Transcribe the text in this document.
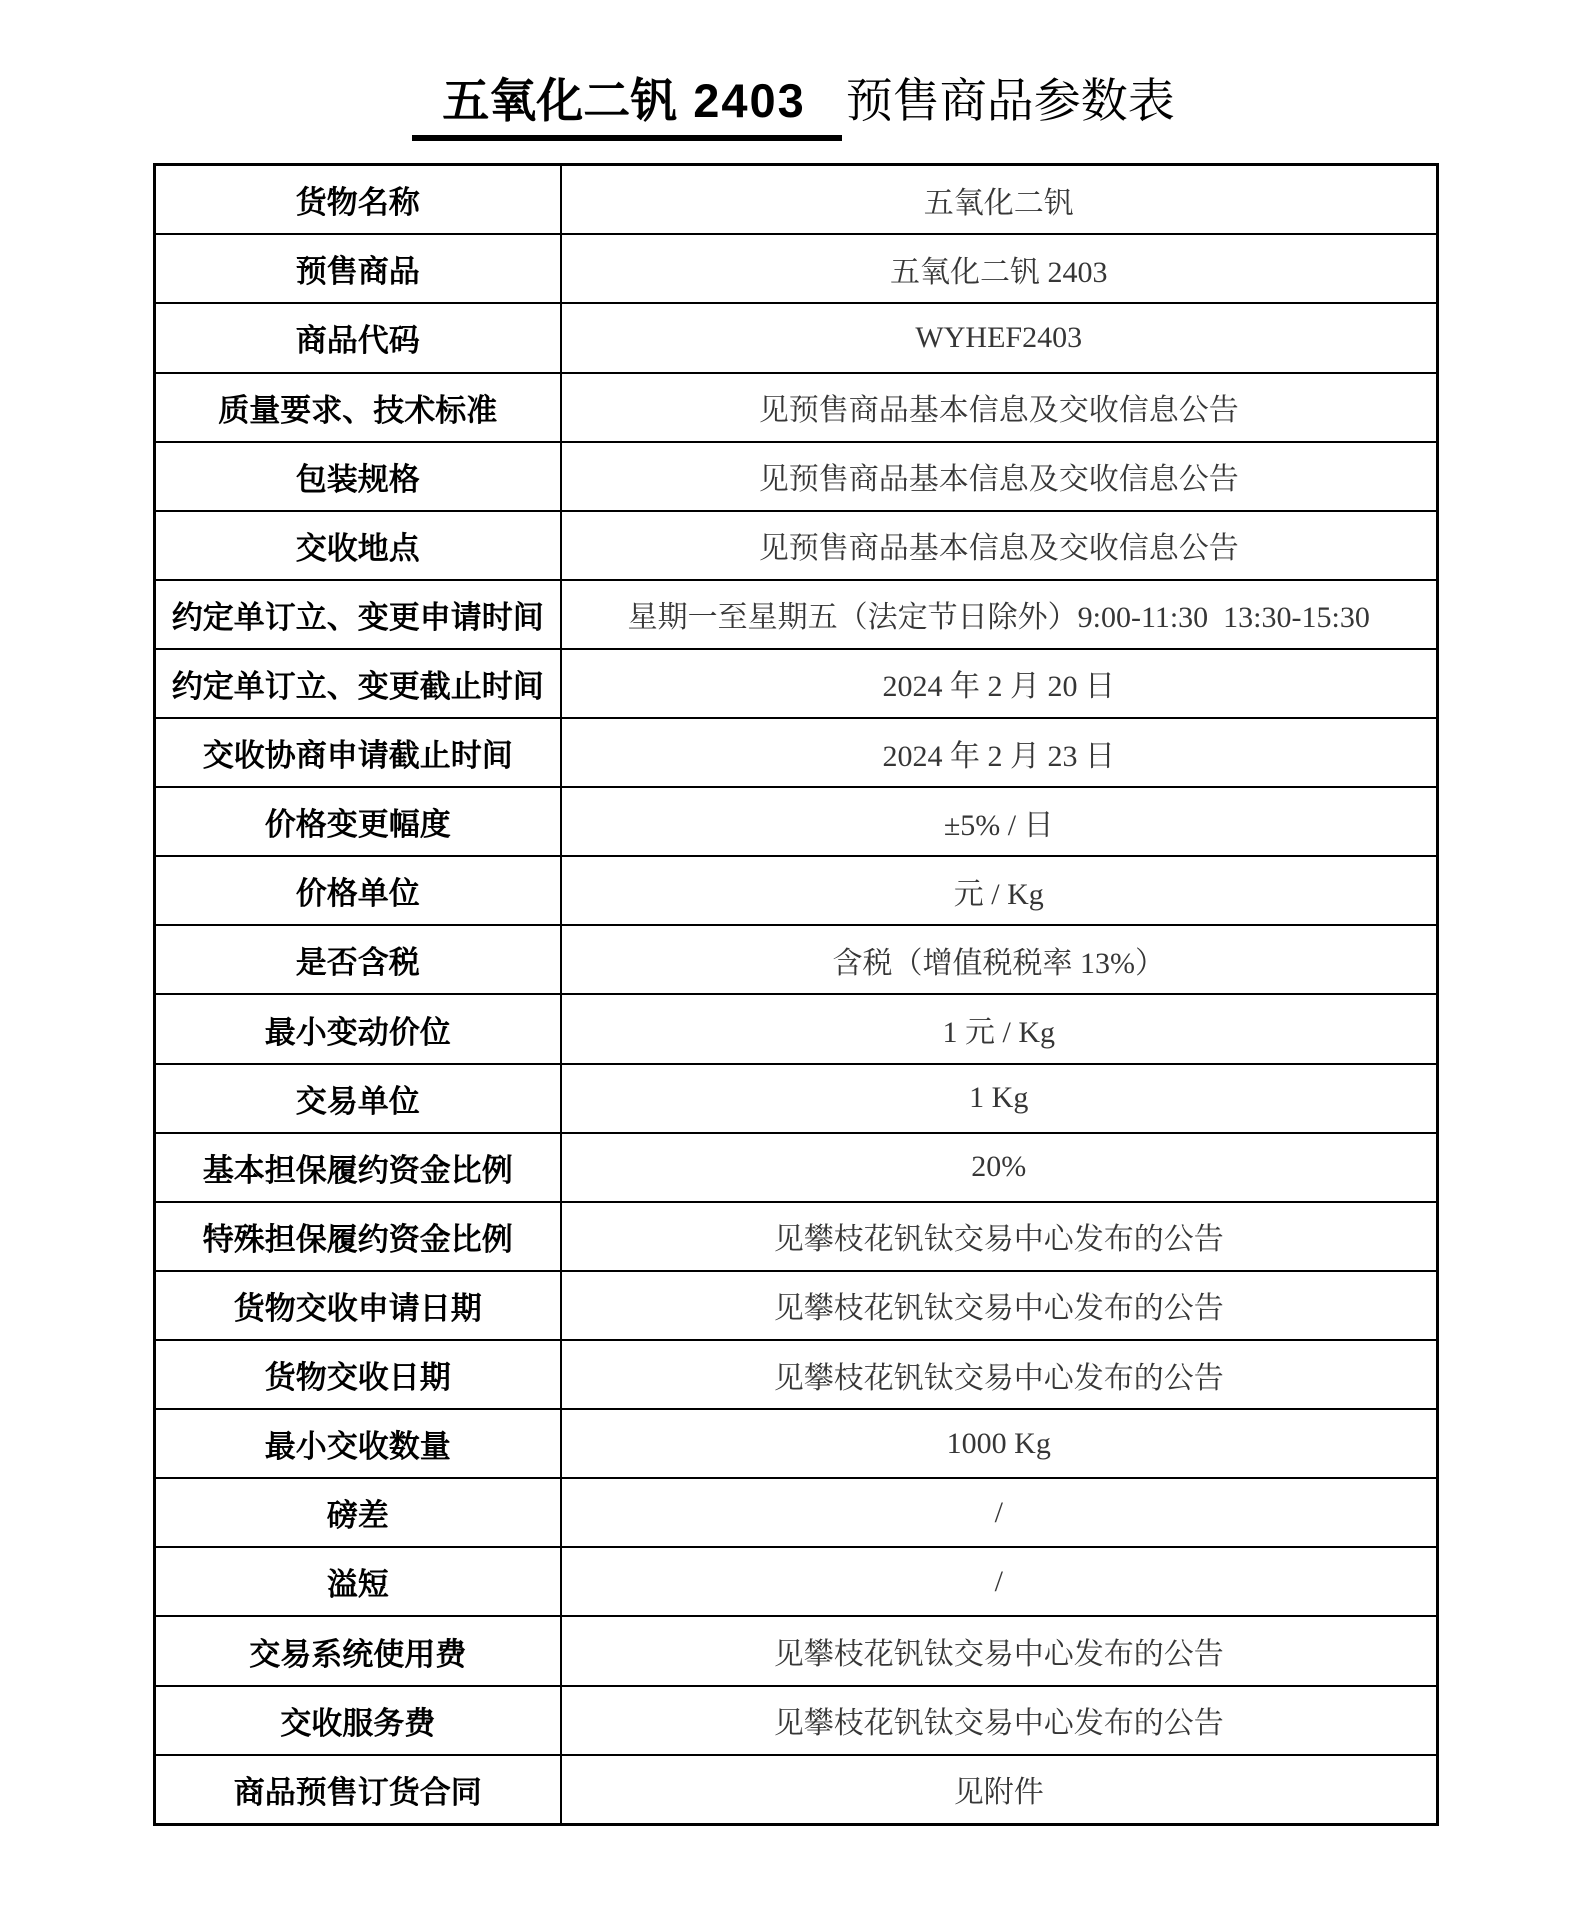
五氧化二钒 2403 预售商品参数表
货物名称	五氧化二钒
预售商品	五氧化二钒 2403
商品代码	WYHEF2403
质量要求、技术标准	见预售商品基本信息及交收信息公告
包装规格	见预售商品基本信息及交收信息公告
交收地点	见预售商品基本信息及交收信息公告
约定单订立、变更申请时间	星期一至星期五（法定节日除外）9:00-11:30  13:30-15:30
约定单订立、变更截止时间	2024 年 2 月 20 日
交收协商申请截止时间	2024 年 2 月 23 日
价格变更幅度	±5% / 日
价格单位	元 / Kg
是否含税	含税（增值税税率 13%）
最小变动价位	1 元 / Kg
交易单位	1 Kg
基本担保履约资金比例	20%
特殊担保履约资金比例	见攀枝花钒钛交易中心发布的公告
货物交收申请日期	见攀枝花钒钛交易中心发布的公告
货物交收日期	见攀枝花钒钛交易中心发布的公告
最小交收数量	1000 Kg
磅差	/
溢短	/
交易系统使用费	见攀枝花钒钛交易中心发布的公告
交收服务费	见攀枝花钒钛交易中心发布的公告
商品预售订货合同	见附件
